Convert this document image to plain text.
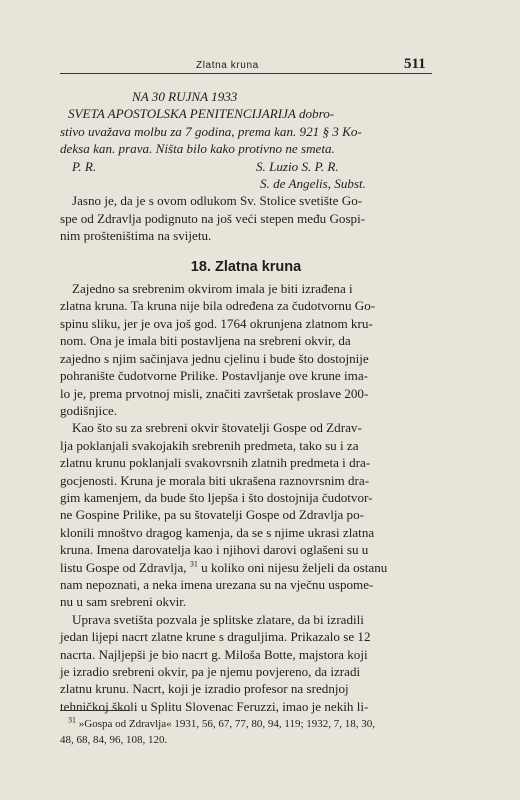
Zlatna kruna	511
NA 30 RUJNA 1933
SVETA APOSTOLSKA PENITENCIJARIJA dobro-
stivo uvažava molbu za 7 godina, prema kan. 921 § 3 Ko-
deksa kan. prava. Ništa bilo kako protivno ne smeta.
P. R.	S. Luzio S. P. R.
S. de Angelis, Subst.
Jasno je, da je s ovom odlukom Sv. Stolice svetište Go-
spe od Zdravlja podignuto na još veći stepen među Gospi-
nim proštеništima na svijetu.
18. Zlatna kruna
Zajedno sa srebrenim okvirom imala je biti izrađena i
zlatna kruna. Ta kruna nije bila određena za čudotvornu Go-
spinu sliku, jer je ova još god. 1764 okrunjena zlatnom kru-
nom. Ona je imala biti postavljena na srebreni okvir, da
zajedno s njim sačinjava jednu cjelinu i bude što dostojnije
pohranište čudotvorne Prilike. Postavljanje ove krune ima-
lo je, prema prvotnoj misli, značiti završetak proslave 200-
godišnjice.
Kao što su za srebreni okvir štovatelji Gospe od Zdrav-
lja poklanjali svakojakih srebrenih predmeta, tako su i za
zlatnu krunu poklanjali svakovrsnih zlatnih predmeta i dra-
gocjenosti. Kruna je morala biti ukrašena raznovrsnim dra-
gim kamenjem, da bude što ljepša i što dostojnija čudotvor-
ne Gospine Prilike, pa su štovatelji Gospe od Zdravlja po-
klonili mnoštvo dragog kamenja, da se s njime ukrasi zlatna
kruna. Imena darovatelja kao i njihovi darovi oglašeni su u
listu Gospe od Zdravlja, $^{31}$ u koliko oni nijesu željeli da ostanu
nam nepoznati, a neka imena urezana su na vječnu uspome-
nu u sam srebreni okvir.
Uprava svetišta pozvala je splitske zlatare, da bi izradili
jedan lijepi nacrt zlatne krune s draguljima. Prikazalo se 12
nacrta. Najljepši je bio nacrt g. Miloša Botte, majstora koji
je izradio srebreni okvir, pa je njemu povjereno, da izradi
zlatnu krunu. Nacrt, koji je izradio profesor na srednjoj
tehničkoj školi u Splitu Slovenac Feruzzi, imao je nekih li-
$^{31}$ »Gospa od Zdravlja« 1931, 56, 67, 77, 80, 94, 119; 1932, 7, 18, 30,
48, 68, 84, 96, 108, 120.
